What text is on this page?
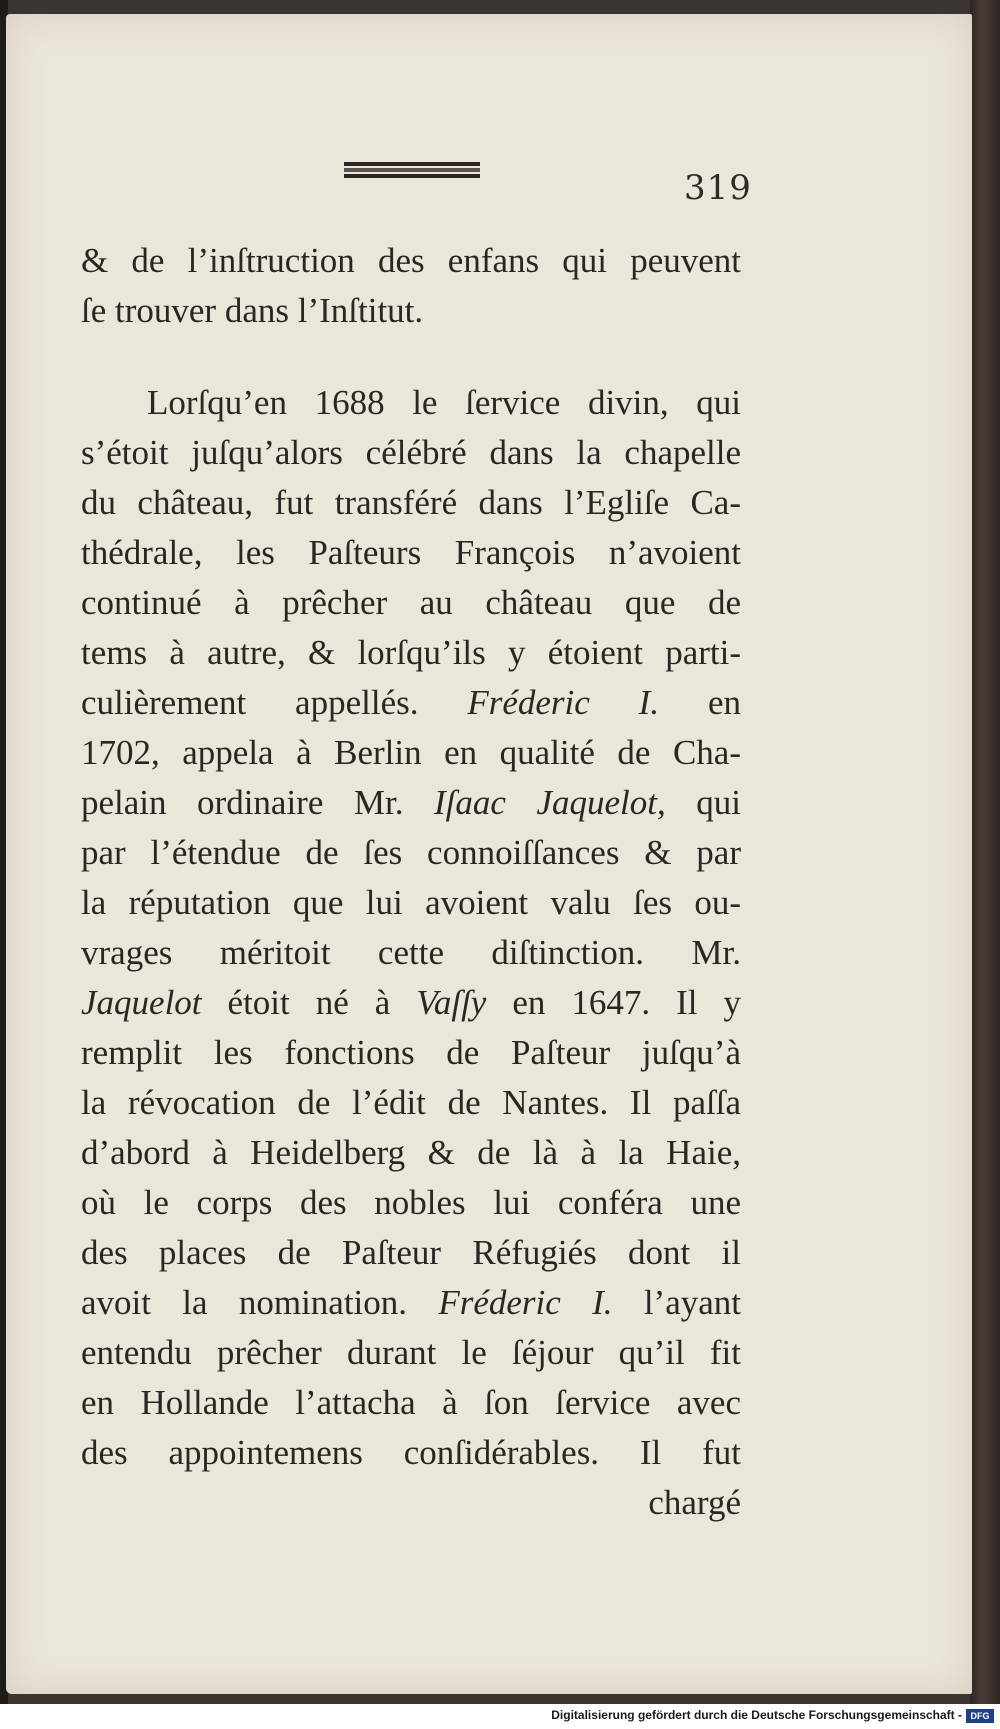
319
& de l’inſtruction des enfans qui peuvent
ſe trouver dans l’Inſtitut.
Lorſqu’en 1688 le ſervice divin, qui
s’étoit juſqu’alors célébré dans la chapelle
du château, fut transféré dans l’Egliſe Ca-
thédrale, les Paſteurs François n’avoient
continué à prêcher au château que de
tems à autre, & lorſqu’ils y étoient parti-
culièrement appellés. Fréderic I. en
1702, appela à Berlin en qualité de Cha-
pelain ordinaire Mr. Iſaac Jaquelot, qui
par l’étendue de ſes connoiſſances & par
la réputation que lui avoient valu ſes ou-
vrages méritoit cette diſtinction. Mr.
Jaquelot étoit né à Vaſſy en 1647. Il y
remplit les fonctions de Paſteur juſqu’à
la révocation de l’édit de Nantes. Il paſſa
d’abord à Heidelberg & de là à la Haie,
où le corps des nobles lui conféra une
des places de Paſteur Réfugiés dont il
avoit la nomination. Fréderic I. l’ayant
entendu prêcher durant le ſéjour qu’il fit
en Hollande l’attacha à ſon ſervice avec
des appointemens conſidérables. Il fut
chargé
Digitalisierung gefördert durch die Deutsche Forschungsgemeinschaft - DFG
